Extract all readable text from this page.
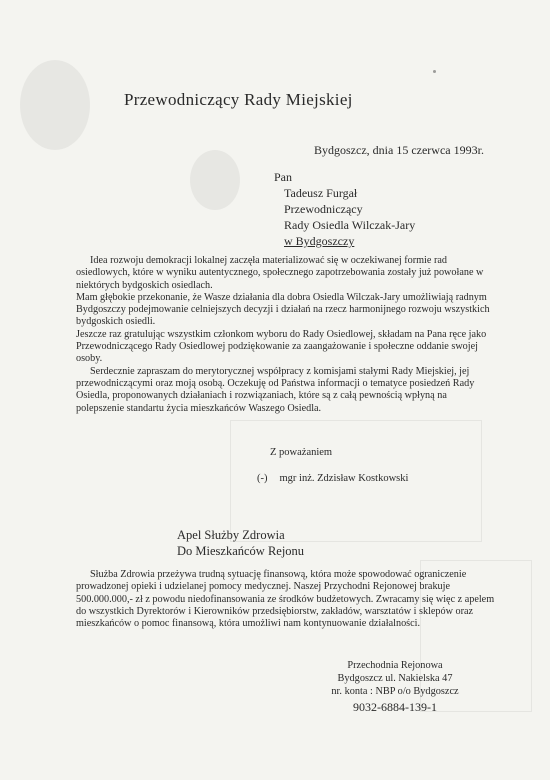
Przewodniczący Rady Miejskiej
Bydgoszcz, dnia 15 czerwca 1993r.
Pan
Tadeusz Furgał
Przewodniczący
Rady Osiedla Wilczak-Jary
w Bydgoszczy

Idea rozwoju demokracji lokalnej zaczęła materializować się w oczekiwanej formie rad osiedlowych, które w wyniku autentycznego, społecznego zapotrzebowania zostały już powołane w niektórych bydgoskich osiedlach.

Mam głębokie przekonanie, że Wasze działania dla dobra Osiedla Wilczak-Jary umożliwiają radnym Bydgoszczy podejmowanie celniejszych decyzji i działań na rzecz harmonijnego rozwoju wszystkich bydgoskich osiedli.

Jeszcze raz gratulując wszystkim członkom wyboru do Rady Osiedlowej, składam na Pana ręce jako Przewodniczącego Rady Osiedlowej podziękowanie za zaangażowanie i społeczne oddanie swojej osoby.

Serdecznie zapraszam do merytorycznej współpracy z komisjami stałymi Rady Miejskiej, jej przewodniczącymi oraz moją osobą. Oczekuję od Państwa informacji o tematyce posiedzeń Rady Osiedla, proponowanych działaniach i rozwiązaniach, które są z całą pewnością wpłyną na polepszenie standartu życia mieszkańców Waszego Osiedla.

Z poważaniem
(-) mgr inż. Zdzisław Kostkowski
Apel Służby Zdrowia
Do Mieszkańców Rejonu

Służba Zdrowia przeżywa trudną sytuację finansową, która może spowodować ograniczenie prowadzonej opieki i udzielanej pomocy medycznej. Naszej Przychodni Rejonowej brakuje 500.000.000,- zł z powodu niedofinansowania ze środków budżetowych. Zwracamy się więc z apelem do wszystkich Dyrektorów i Kierowników przedsiębiorstw, zakładów, warsztatów i sklepów oraz mieszkańców o pomoc finansową, która umożliwi nam kontynuowanie działalności.

Przechodnia Rejonowa
Bydgoszcz ul. Nakielska 47
nr. konta : NBP o/o Bydgoszcz
9032-6884-139-1
